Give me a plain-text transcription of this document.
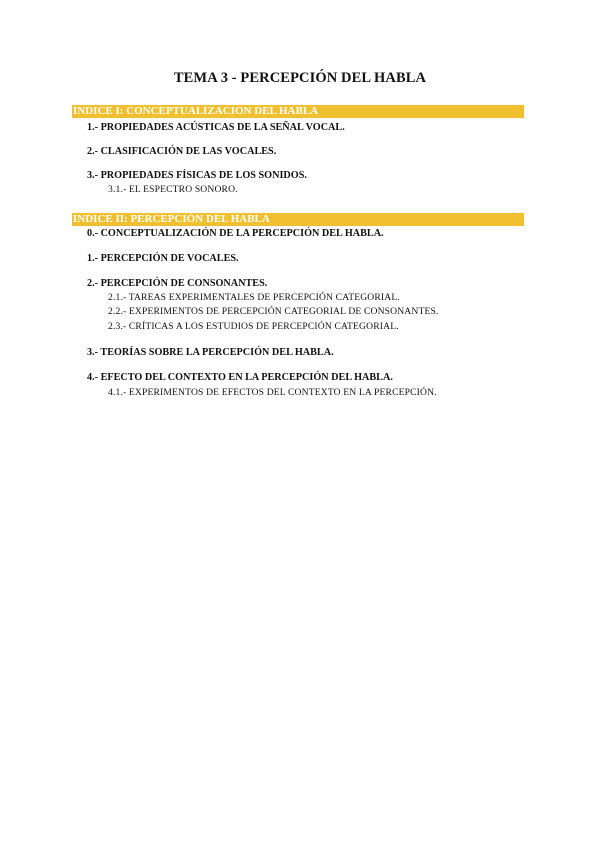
TEMA 3 - PERCEPCIÓN DEL HABLA
INDICE I: CONCEPTUALIZACION DEL HABLA
1.- PROPIEDADES ACÚSTICAS DE LA SEÑAL VOCAL.
2.- CLASIFICACIÓN DE LAS VOCALES.
3.- PROPIEDADES FÍSICAS DE LOS SONIDOS.
3.1.- EL ESPECTRO SONORO.
INDICE II: PERCEPCIÓN DEL HABLA
0.- CONCEPTUALIZACIÓN DE LA PERCEPCIÓN DEL HABLA.
1.- PERCEPCIÓN DE VOCALES.
2.- PERCEPCIÓN DE CONSONANTES.
2.1.- TAREAS EXPERIMENTALES DE PERCEPCIÓN CATEGORIAL.
2.2.- EXPERIMENTOS DE PERCEPCIÓN CATEGORIAL DE CONSONANTES.
2.3.- CRÍTICAS A LOS ESTUDIOS DE PERCEPCIÓN CATEGORIAL.
3.- TEORÍAS SOBRE LA PERCEPCIÓN DEL HABLA.
4.- EFECTO DEL CONTEXTO EN LA PERCEPCIÓN DEL HABLA.
4.1.- EXPERIMENTOS DE EFECTOS DEL CONTEXTO EN LA PERCEPCIÓN.
